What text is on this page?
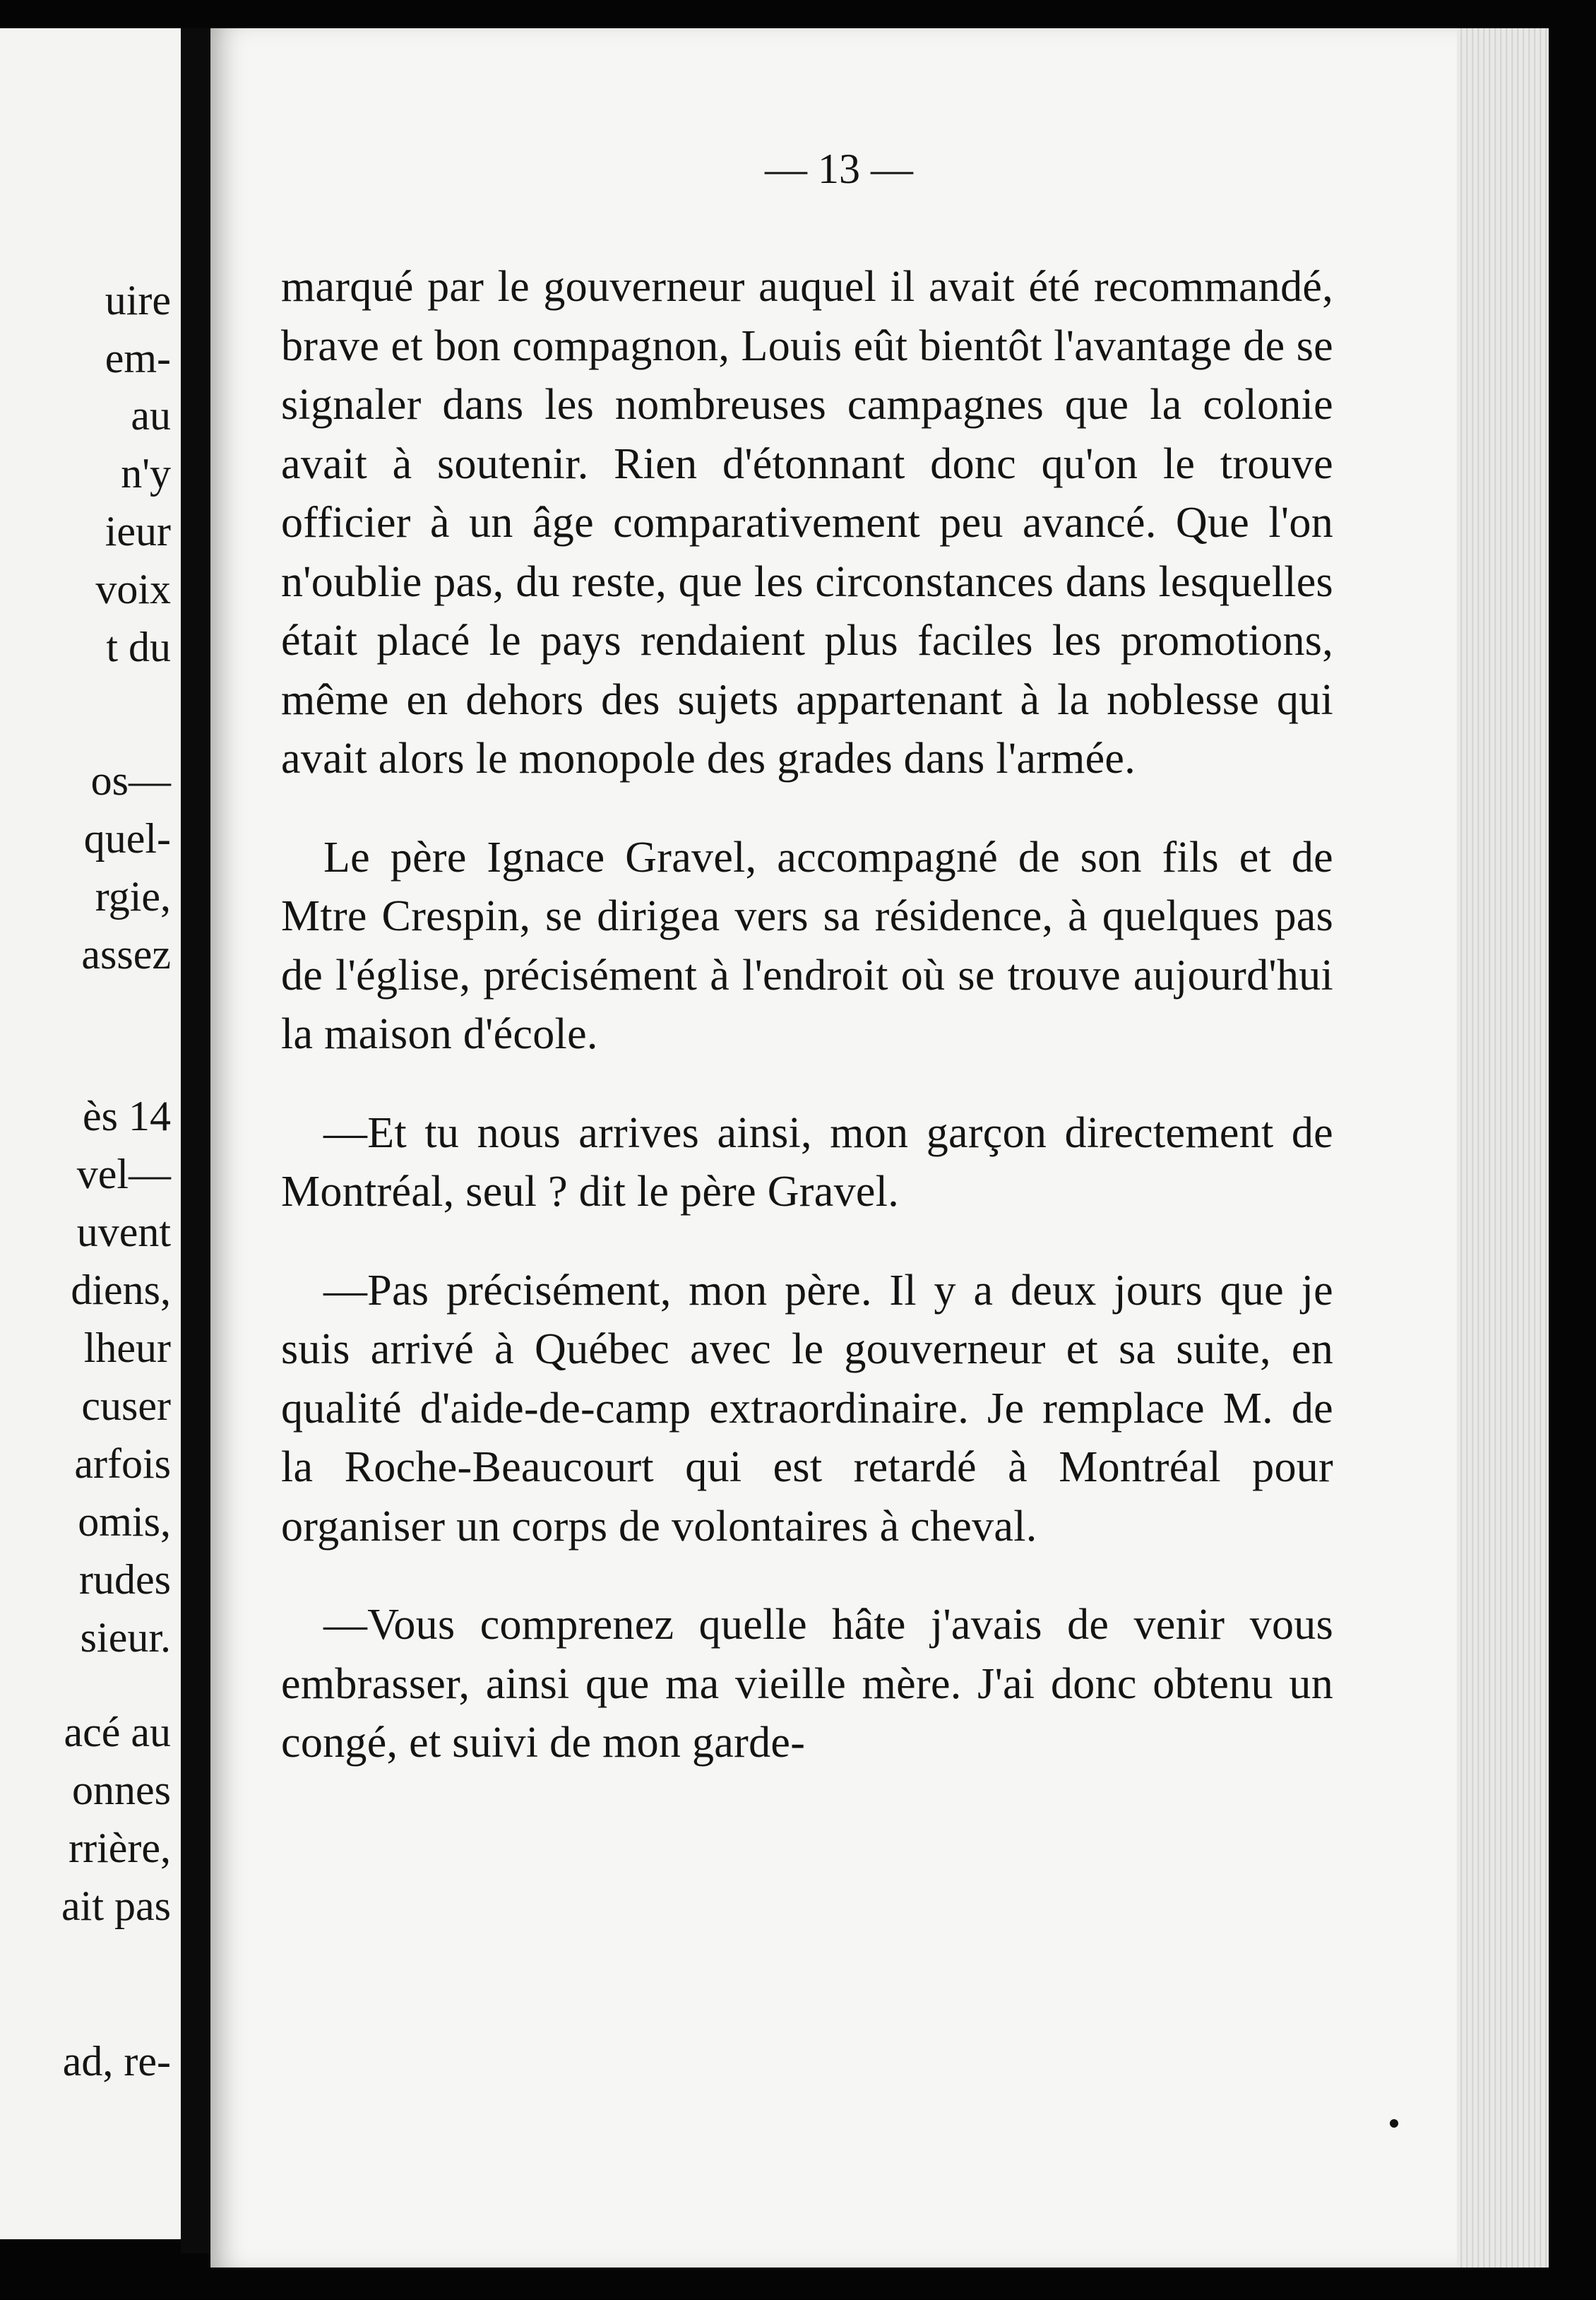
uire
em-
au
n'y
ieur
voix
t du
os—
quel-
rgie,
assez
ès 14
vel—
uvent
diens,
lheur
cuser
arfois
omis,
rudes
sieur.
acé au
onnes
rrière,
ait pas
ad, re-
— 13 —

marqué par le gouverneur auquel il avait été recommandé, brave et bon compagnon, Louis eût bientôt l'avantage de se signaler dans les nombreuses campagnes que la colonie avait à soutenir. Rien d'étonnant donc qu'on le trouve officier à un âge comparativement peu avancé. Que l'on n'oublie pas, du reste, que les circonstances dans lesquelles était placé le pays rendaient plus faciles les promotions, même en dehors des sujets appartenant à la noblesse qui avait alors le monopole des grades dans l'armée.

Le père Ignace Gravel, accompagné de son fils et de Mtre Crespin, se dirigea vers sa résidence, à quelques pas de l'église, précisément à l'endroit où se trouve aujourd'hui la maison d'école.

—Et tu nous arrives ainsi, mon garçon directement de Montréal, seul ? dit le père Gravel.

—Pas précisément, mon père. Il y a deux jours que je suis arrivé à Québec avec le gouverneur et sa suite, en qualité d'aide-de-camp extraordinaire. Je remplace M. de la Roche-Beaucourt qui est retardé à Montréal pour organiser un corps de volontaires à cheval.

—Vous comprenez quelle hâte j'avais de venir vous embrasser, ainsi que ma vieille mère. J'ai donc obtenu un congé, et suivi de mon garde-
